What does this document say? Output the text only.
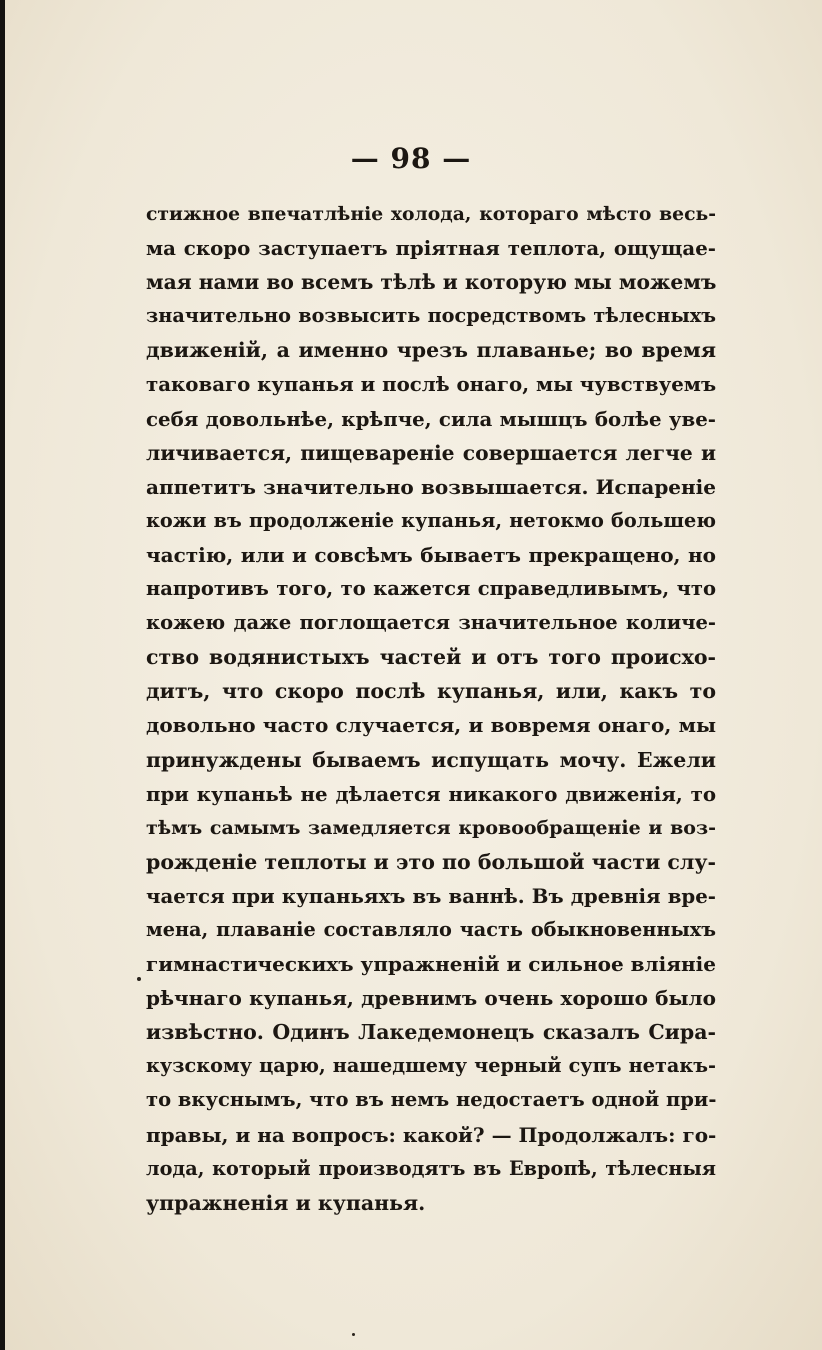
— 98 —
стижное впечатлѣніе холода, котораго мѣсто весь-
ма скоро заступаетъ пріятная теплота, ощущае-
мая нами во всемъ тѣлѣ и которую мы можемъ
значительно возвысить посредствомъ тѣлесныхъ
движеній, а именно чрезъ плаванье; во время
таковаго купанья и послѣ онаго, мы чувствуемъ
себя довольнѣе, крѣпче, сила мышцъ болѣе уве-
личивается, пищевареніе совершается легче и
аппетитъ значительно возвышается. Испареніе
кожи въ продолженіе купанья, нетокмо большею
частію, или и совсѣмъ бываетъ прекращено, но
напротивъ того, то кажется справедливымъ, что
кожею даже поглощается значительное количе-
ство водянистыхъ частей и отъ того происхо-
дитъ, что скоро послѣ купанья, или, какъ то
довольно часто случается, и вовремя онаго, мы
принуждены бываемъ испущать мочу. Ежели
при купаньѣ не дѣлается никакого движенія, то
тѣмъ самымъ замедляется кровообращеніе и воз-
рожденіе теплоты и это по большой части слу-
чается при купаньяхъ въ ваннѣ. Въ древнія вре-
мена, плаваніе составляло часть обыкновенныхъ
гимнастическихъ упражненій и сильное вліяніе
рѣчнаго купанья, древнимъ очень хорошо было
извѣстно. Одинъ Лакедемонецъ сказалъ Сира-
кузскому царю, нашедшему черный супъ нетакъ-
то вкуснымъ, что въ немъ недостаетъ одной при-
правы, и на вопросъ: какой? — Продолжалъ: го-
лода, который производятъ въ Европѣ, тѣлесныя
упражненія и купанья.
